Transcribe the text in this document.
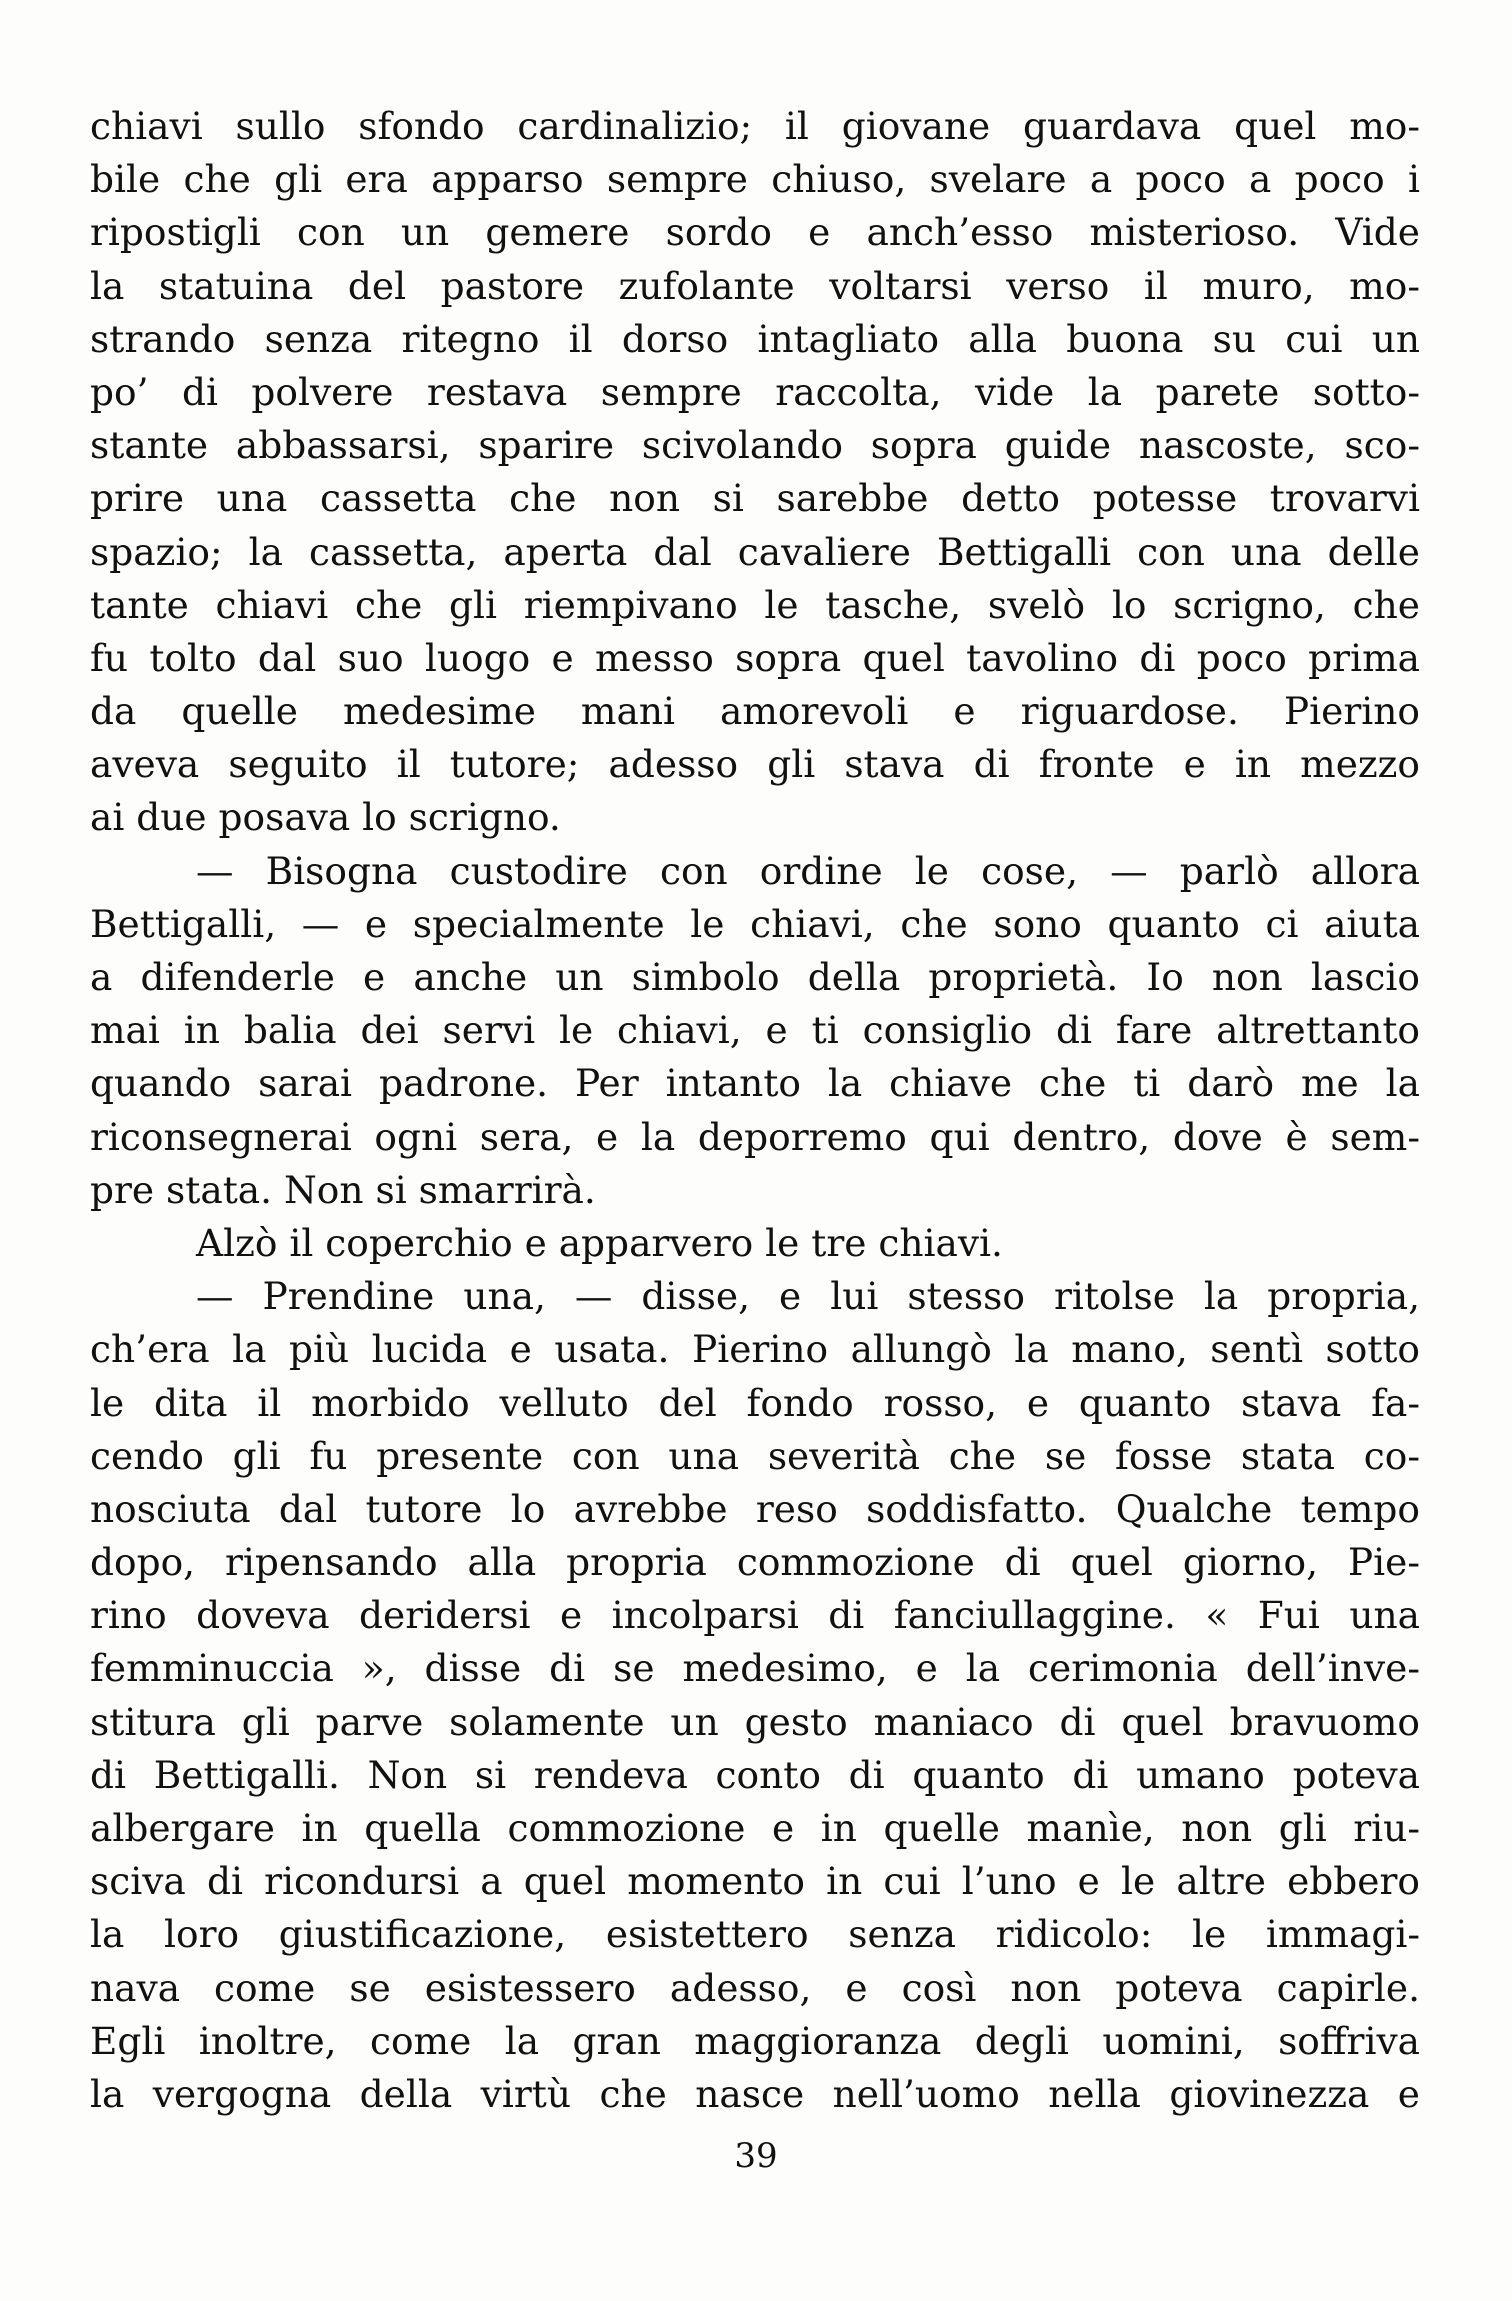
chiavi sullo sfondo cardinalizio; il giovane guardava quel mo-
bile che gli era apparso sempre chiuso, svelare a poco a poco i
ripostigli con un gemere sordo e anch’esso misterioso. Vide
la statuina del pastore zufolante voltarsi verso il muro, mo-
strando senza ritegno il dorso intagliato alla buona su cui un
po’ di polvere restava sempre raccolta, vide la parete sotto-
stante abbassarsi, sparire scivolando sopra guide nascoste, sco-
prire una cassetta che non si sarebbe detto potesse trovarvi
spazio; la cassetta, aperta dal cavaliere Bettigalli con una delle
tante chiavi che gli riempivano le tasche, svelò lo scrigno, che
fu tolto dal suo luogo e messo sopra quel tavolino di poco prima
da quelle medesime mani amorevoli e riguardose. Pierino
aveva seguito il tutore; adesso gli stava di fronte e in mezzo
ai due posava lo scrigno.
— Bisogna custodire con ordine le cose, — parlò allora
Bettigalli, — e specialmente le chiavi, che sono quanto ci aiuta
a difenderle e anche un simbolo della proprietà. Io non lascio
mai in balia dei servi le chiavi, e ti consiglio di fare altrettanto
quando sarai padrone. Per intanto la chiave che ti darò me la
riconsegnerai ogni sera, e la deporremo qui dentro, dove è sem-
pre stata. Non si smarrirà.
Alzò il coperchio e apparvero le tre chiavi.
— Prendine una, — disse, e lui stesso ritolse la propria,
ch’era la più lucida e usata. Pierino allungò la mano, sentì sotto
le dita il morbido velluto del fondo rosso, e quanto stava fa-
cendo gli fu presente con una severità che se fosse stata co-
nosciuta dal tutore lo avrebbe reso soddisfatto. Qualche tempo
dopo, ripensando alla propria commozione di quel giorno, Pie-
rino doveva deridersi e incolparsi di fanciullaggine. « Fui una
femminuccia », disse di se medesimo, e la cerimonia dell’inve-
stitura gli parve solamente un gesto maniaco di quel bravuomo
di Bettigalli. Non si rendeva conto di quanto di umano poteva
albergare in quella commozione e in quelle manìe, non gli riu-
sciva di ricondursi a quel momento in cui l’uno e le altre ebbero
la loro giustificazione, esistettero senza ridicolo: le immagi-
nava come se esistessero adesso, e così non poteva capirle.
Egli inoltre, come la gran maggioranza degli uomini, soffriva
la vergogna della virtù che nasce nell’uomo nella giovinezza e
39
